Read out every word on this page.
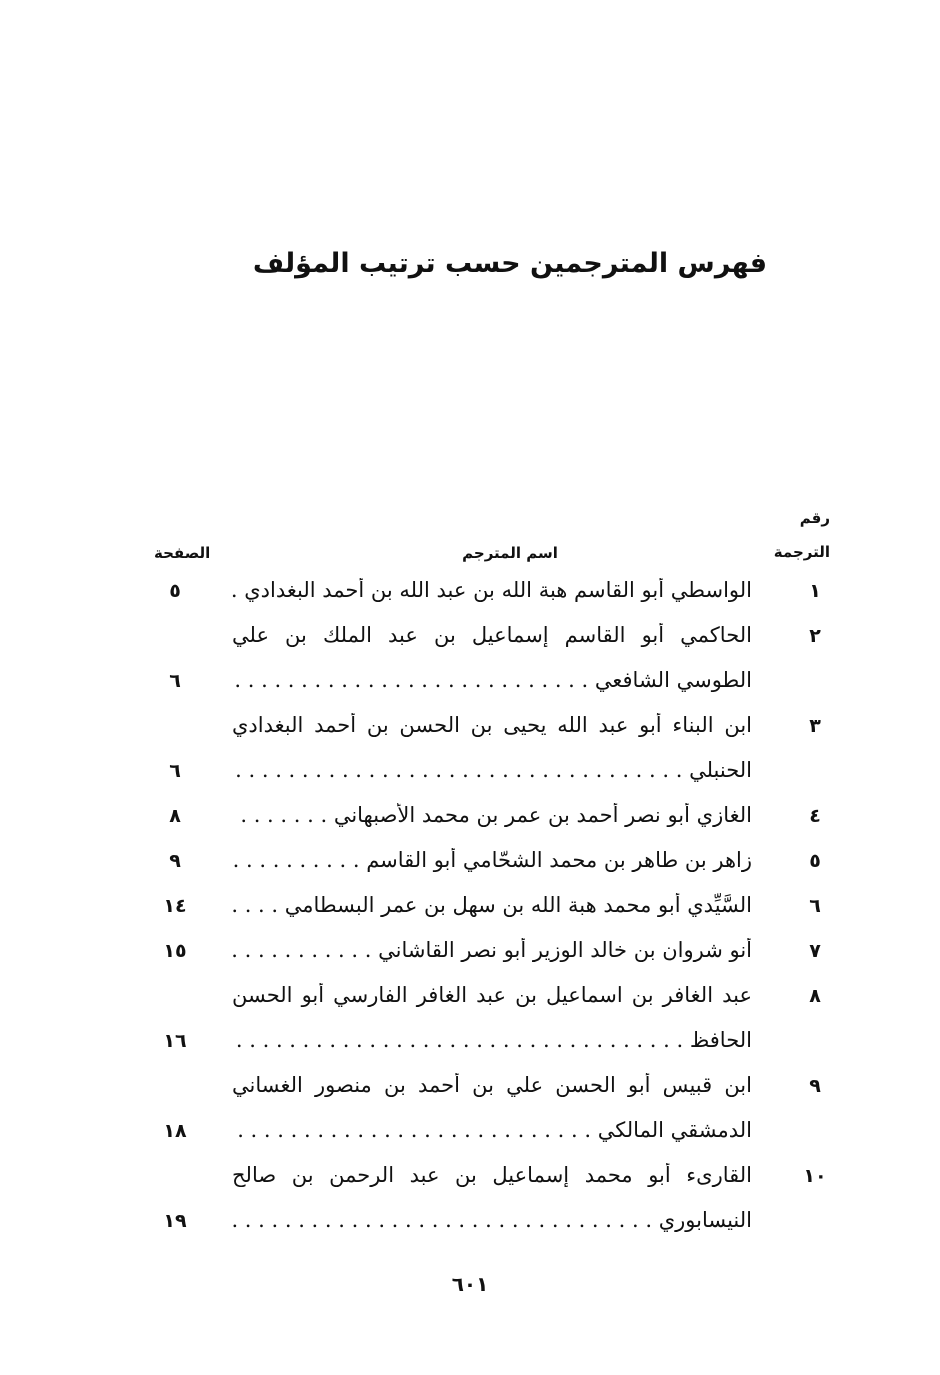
فهرس المترجمين حسب ترتيب المؤلف
رقم
الترجمة
اسم المترجم
الصفحة
١
الواسطي أبو القاسم هبة الله بن عبد الله بن أحمد البغدادي . . .
٥
٢
الحاكمي أبو القاسم إسماعيل بن عبد الملك بن علي
الطوسي الشافعي . . .
٦
٣
ابن البناء أبو عبد الله يحيى بن الحسن بن أحمد البغدادي
الحنبلي . . .
٦
٤
الغازي أبو نصر أحمد بن عمر بن محمد الأصبهاني . . .
٨
٥
زاهر بن طاهر بن محمد الشحّامي أبو القاسم . . .
٩
٦
السَّيِّدي أبو محمد هبة الله بن سهل بن عمر البسطامي . . .
١٤
٧
أنو شروان بن خالد الوزير أبو نصر القاشاني . . .
١٥
٨
عبد الغافر بن اسماعيل بن عبد الغافر الفارسي أبو الحسن
الحافظ . . .
١٦
٩
ابن قبيس أبو الحسن علي بن أحمد بن منصور الغساني
الدمشقي المالكي . . .
١٨
١٠
القارىء أبو محمد إسماعيل بن عبد الرحمن بن صالح
النيسابوري . . .
١٩
٦٠١
